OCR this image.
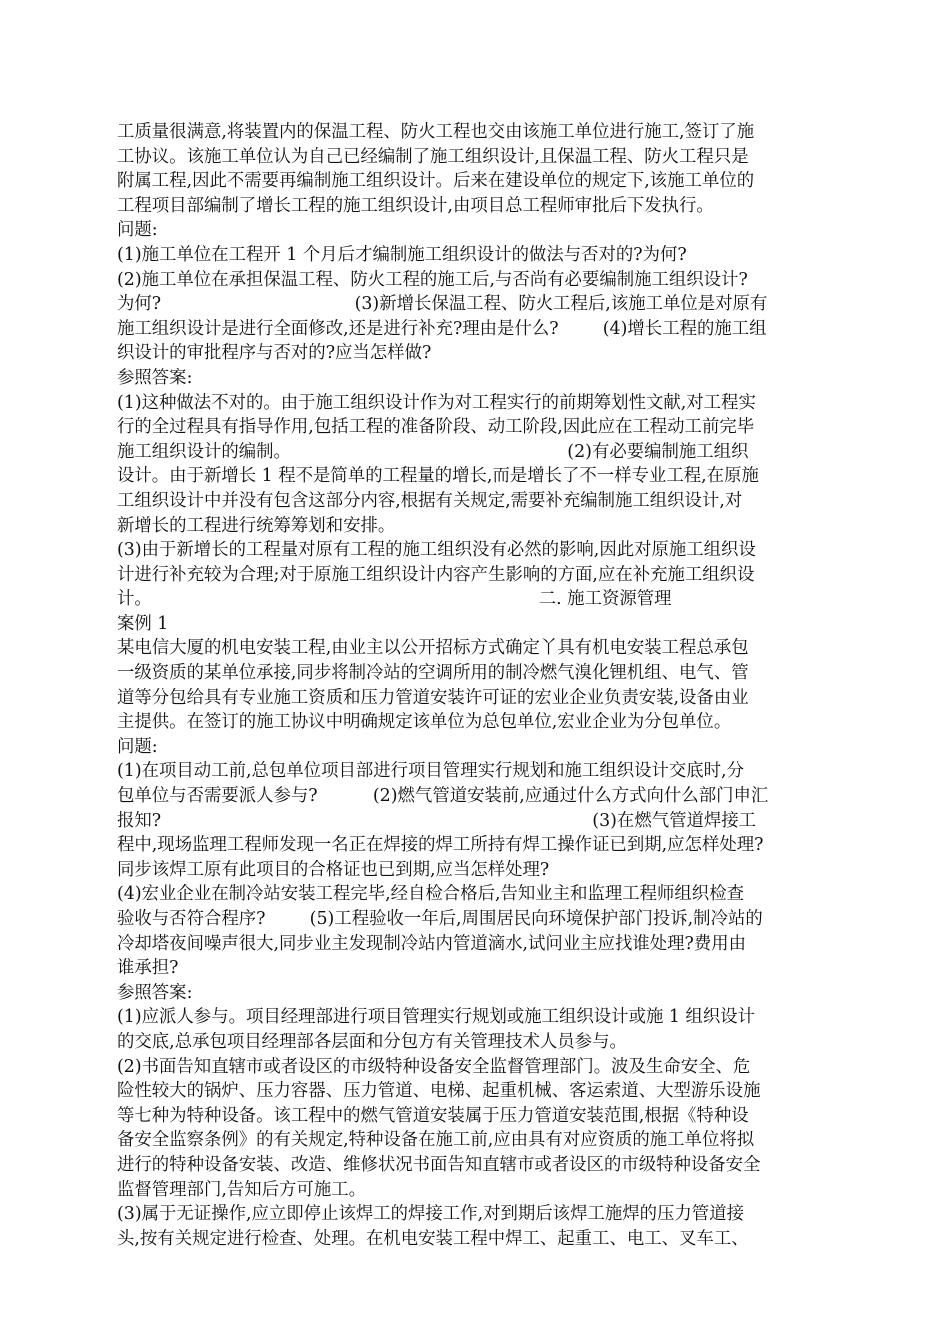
工质量很满意,将装置内的保温工程、防火工程也交由该施工单位进行施工,签订了施
工协议。该施工单位认为自己已经编制了施工组织设计,且保温工程、防火工程只是
附属工程,因此不需要再编制施工组织设计。后来在建设单位的规定下,该施工单位的
工程项目部编制了增长工程的施工组织设计,由项目总工程师审批后下发执行。
问题:
(1)施工单位在工程开 1 个月后才编制施工组织设计的做法与否对的?为何?
(2)施工单位在承担保温工程、防火工程的施工后,与否尚有必要编制施工组织设计?
为何?                                   (3)新增长保温工程、防火工程后,该施工单位是对原有
施工组织设计是进行全面修改,还是进行补充?理由是什么?        (4)增长工程的施工组
织设计的审批程序与否对的?应当怎样做?
参照答案:
(1)这种做法不对的。由于施工组织设计作为对工程实行的前期筹划性文献,对工程实
行的全过程具有指导作用,包括工程的准备阶段、动工阶段,因此应在工程动工前完毕
施工组织设计的编制。                                                  (2)有必要编制施工组织
设计。由于新增长 1 程不是简单的工程量的增长,而是增长了不一样专业工程,在原施
工组织设计中并没有包含这部分内容,根据有关规定,需要补充编制施工组织设计,对
新增长的工程进行统筹筹划和安排。
(3)由于新增长的工程量对原有工程的施工组织没有必然的影响,因此对原施工组织设
计进行补充较为合理;对于原施工组织设计内容产生影响的方面,应在补充施工组织设
计。                                                                      二. 施工资源管理
案例 1
某电信大厦的机电安装工程,由业主以公开招标方式确定丫具有机电安装工程总承包
一级资质的某单位承接,同步将制冷站的空调所用的制冷燃气溴化锂机组、电气、管
道等分包给具有专业施工资质和压力管道安装许可证的宏业企业负责安装,设备由业
主提供。在签订的施工协议中明确规定该单位为总包单位,宏业企业为分包单位。
问题:
(1)在项目动工前,总包单位项目部进行项目管理实行规划和施工组织设计交底时,分
包单位与否需要派人参与?          (2)燃气管道安装前,应通过什么方式向什么部门申汇
报知?                                                                              (3)在燃气管道焊接工
程中,现场监理工程师发现一名正在焊接的焊工所持有焊工操作证已到期,应怎样处理?
同步该焊工原有此项目的合格证也已到期,应当怎样处理?
(4)宏业企业在制冷站安装工程完毕,经自检合格后,告知业主和监理工程师组织检查
验收与否符合程序?        (5)工程验收一年后,周围居民向环境保护部门投诉,制冷站的
冷却塔夜间噪声很大,同步业主发现制冷站内管道滴水,试问业主应找谁处理?费用由
谁承担?
参照答案:
(1)应派人参与。项目经理部进行项目管理实行规划或施工组织设计或施 1 组织设计
的交底,总承包项目经理部各层面和分包方有关管理技术人员参与。
(2)书面告知直辖市或者设区的市级特种设备安全监督管理部门。波及生命安全、危
险性较大的锅炉、压力容器、压力管道、电梯、起重机械、客运索道、大型游乐设施
等七种为特种设备。该工程中的燃气管道安装属于压力管道安装范围,根据《特种设
备安全监察条例》的有关规定,特种设备在施工前,应由具有对应资质的施工单位将拟
进行的特种设备安装、改造、维修状况书面告知直辖市或者设区的市级特种设备安全
监督管理部门,告知后方可施工。
(3)属于无证操作,应立即停止该焊工的焊接工作,对到期后该焊工施焊的压力管道接
头,按有关规定进行检查、处理。在机电安装工程中焊工、起重工、电工、叉车工、
